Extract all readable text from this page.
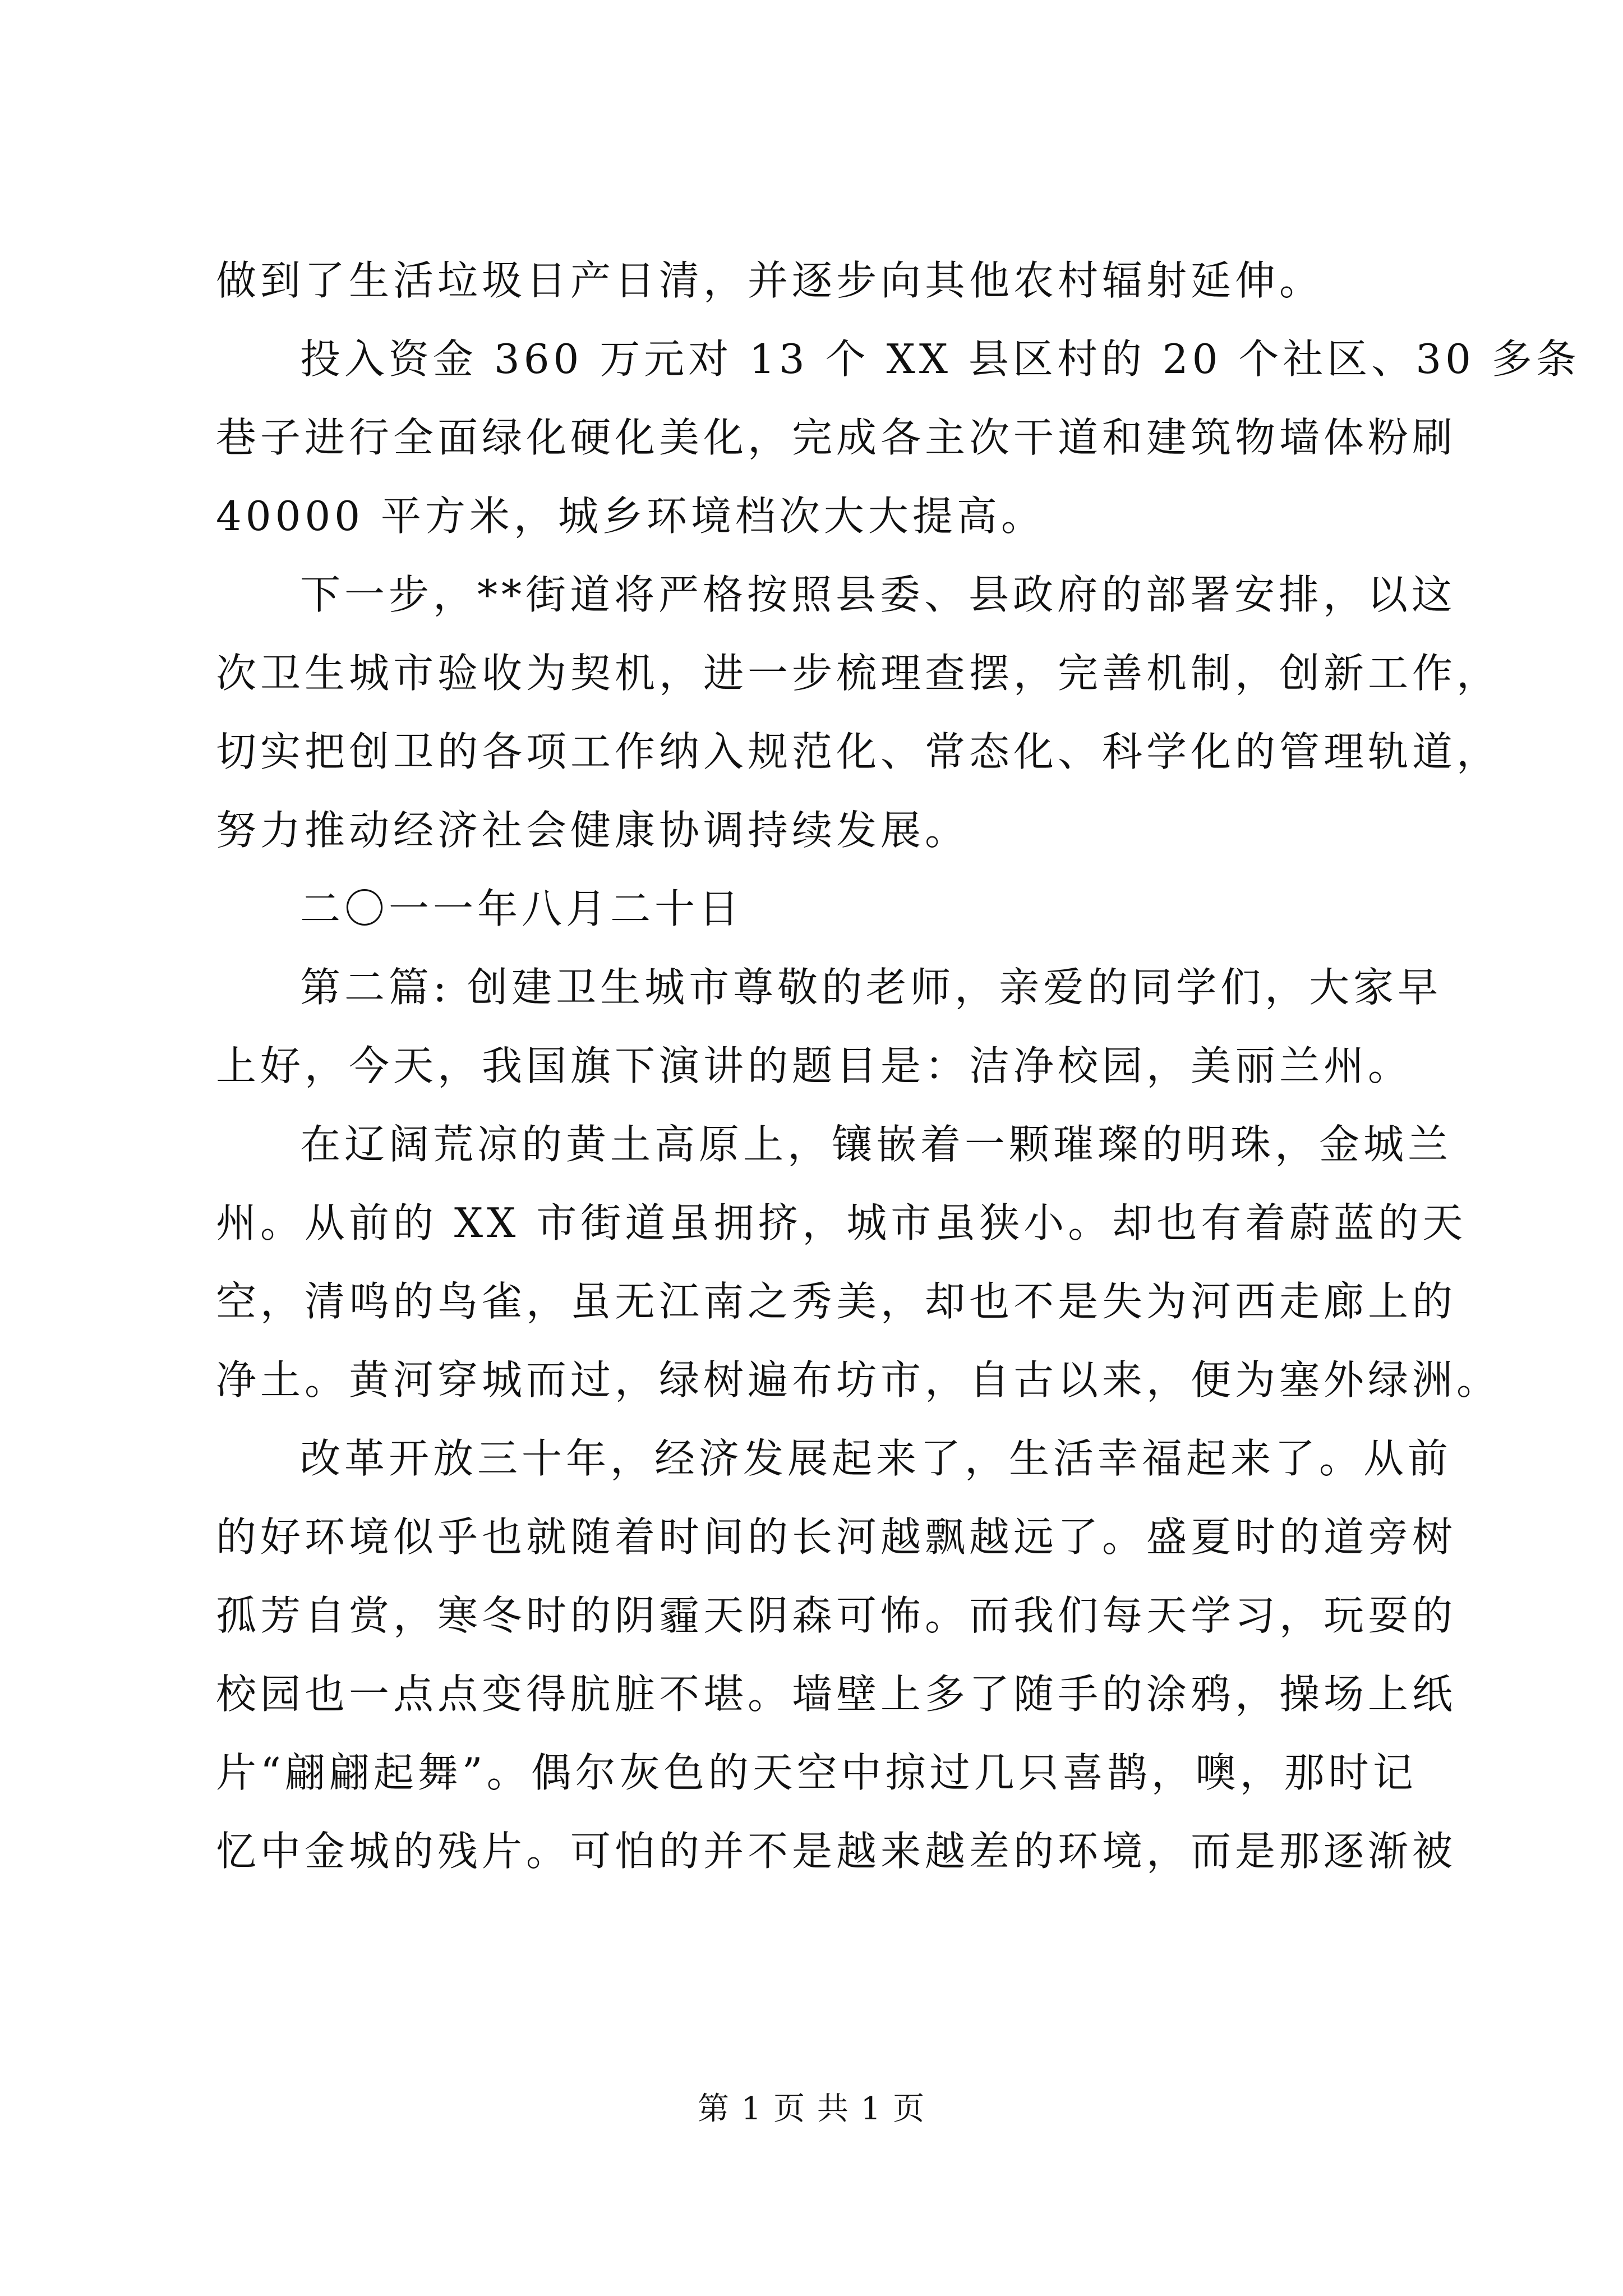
做到了生活垃圾日产日清，并逐步向其他农村辐射延伸。
投入资金 360 万元对 13 个 XX 县区村的 20 个社区、30 多条
巷子进行全面绿化硬化美化，完成各主次干道和建筑物墙体粉刷
40000 平方米，城乡环境档次大大提高。
下一步，**街道将严格按照县委、县政府的部署安排，以这
次卫生城市验收为契机，进一步梳理查摆，完善机制，创新工作，
切实把创卫的各项工作纳入规范化、常态化、科学化的管理轨道，
努力推动经济社会健康协调持续发展。
二〇一一年八月二十日
第二篇: 创建卫生城市尊敬的老师，亲爱的同学们，大家早
上好，今天，我国旗下演讲的题目是：洁净校园，美丽兰州。
在辽阔荒凉的黄土高原上，镶嵌着一颗璀璨的明珠，金城兰
州。从前的 XX 市街道虽拥挤，城市虽狭小。却也有着蔚蓝的天
空，清鸣的鸟雀，虽无江南之秀美，却也不是失为河西走廊上的
净土。黄河穿城而过，绿树遍布坊市，自古以来，便为塞外绿洲。
改革开放三十年，经济发展起来了，生活幸福起来了。从前
的好环境似乎也就随着时间的长河越飘越远了。盛夏时的道旁树
孤芳自赏，寒冬时的阴霾天阴森可怖。而我们每天学习，玩耍的
校园也一点点变得肮脏不堪。墙壁上多了随手的涂鸦，操场上纸
片“翩翩起舞”。偶尔灰色的天空中掠过几只喜鹊，噢，那时记
忆中金城的残片。可怕的并不是越来越差的环境，而是那逐渐被
第 1 页 共 1 页
